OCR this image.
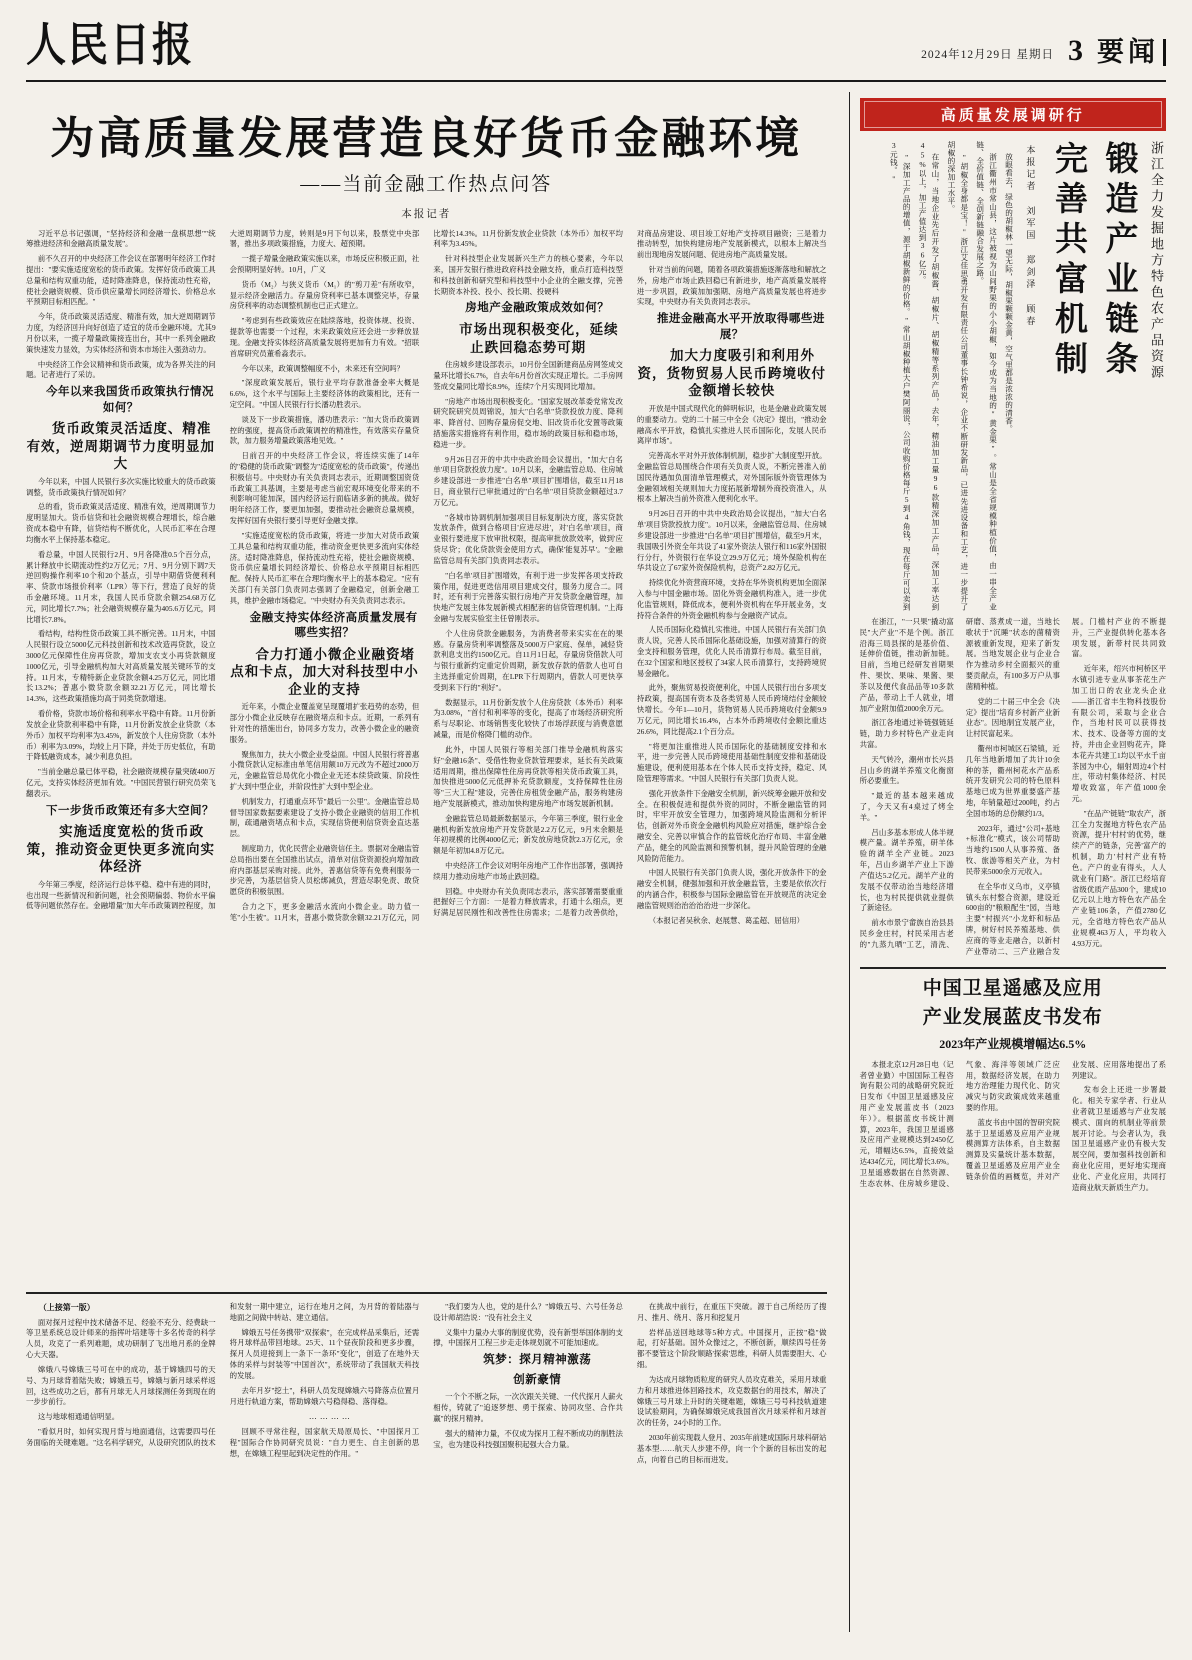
人民日报	2024年12月29日 星期日 3 要闻
为高质量发展营造良好货币金融环境
——当前金融工作热点问答
本报记者

习近平总书记强调，"坚持经济和金融一盘棋思想""统筹推进经济和金融高质量发展"。

前不久召开的中央经济工作会议在部署明年经济工作时提出："要实施适度宽松的货币政策。发挥好货币政策工具总量和结构双重功能，适时降准降息，保持流动性充裕，使社会融资规模、货币供应量增长同经济增长、价格总水平预期目标相匹配。"

今年，货币政策灵活适度、精准有效，加大逆周期调节力度，为经济回升向好创造了适宜的货币金融环境。尤其9月份以来，一揽子增量政策接连出台，其中一系列金融政策快速发力显效，为实体经济和资本市场注入强劲动力。

中央经济工作会议精神和货币政策，成为各界关注的问题。记者进行了采访。

今年以来我国货币政策执行情况如何？

货币政策灵活适度、精准有效，逆周期调节力度明显加大

今年以来，中国人民银行多次实施比较重大的货币政策调整，货币政策执行情况如何？

总的看，货币政策灵活适度、精准有效，逆周期调节力度明显加大。货币信贷和社会融资规模合理增长，综合融资成本稳中有降，信贷结构不断优化，人民币汇率在合理均衡水平上保持基本稳定。

看总量，中国人民银行2月、9月各降准0.5个百分点，累计释放中长期流动性约2万亿元；7月、9月分别下调7天逆回购操作利率10个和20个基点，引导中期借贷便利利率、贷款市场报价利率（LPR）等下行，营造了良好的货币金融环境。11月末，我国人民币贷款余额254.68万亿元，同比增长7.7%；社会融资规模存量为405.6万亿元，同比增长7.8%。

看结构，结构性货币政策工具不断完善。11月末，中国人民银行设立5000亿元科技创新和技术改造再贷款，设立3000亿元保障性住房再贷款，增加支农支小再贷款额度1000亿元，引导金融机构加大对高质量发展关键环节的支持。11月末，专精特新企业贷款余额4.25万亿元，同比增长13.2%；普惠小微贷款余额32.21万亿元，同比增长14.3%，这些政策措施均高于同类贷款增速。

看价格，贷款市场价格和利率水平稳中有降。11月份新发放企业贷款利率稳中有降，11月份新发放企业贷款（本外币）加权平均利率为3.45%，新发放个人住房贷款（本外币）利率为3.09%，均较上月下降，并处于历史低位，有助于降低融资成本，减少利息负担。

"当前金融总量已体平稳，社会融资规模存量突破400万亿元，支持实体经济更加有效。"中国民营银行研究员荣飞翻表示。

下一步货币政策还有多大空间？

实施适度宽松的货币政策，推动资金更快更多流向实体经济

今年第三季度，经济运行总体平稳、稳中有进的同时，也出现一些新情况和新问题，社会预期偏弱、物价水平偏低等问题依然存在。金融增量"加大年币政策调控程度，加大逆周期调节力度，转则是9月下句以来，股票党中央部署，推出多项政策措施，力度大、超预期。

一揽子增量金融政策实施以来，市场反应积极正面，社会预期明显好转。10月，广义

货币（M₂）与狭义货币（M₁）的"剪刀差"有所收窄，显示经济金融活力。存量房贷利率已基本调整完毕，存量房贷利率的动态调整机制也已正式建立。

"考虑到有些政策效应在陆续落地，投资体规、投资、提款等也需要一个过程，未来政策效应还会进一步释放显现。金融支持实体经济高质量发展将更加有力有效。"招联首席研究员董希淼表示。

今年以来，政策调整幅度不小，未来还有空间吗？

"深度政策发展后，银行业平均存款准备金率大概是6.6%，这个水平与国际上主要经济体的政策相比，还有一定空间。"中国人民银行行长潘功胜表示。

谈及下一步政策措施，潘功胜表示："加大货币政策调控的强度，提高货币政策调控的精准性，有效落实存量贷款，加力服务增量政策落地见效。"

日前召开的中央经济工作会议，将连续实施了14年的"稳健的货币政策"调整为"适度宽松的货币政策"，传递出积极信号。中央财办有关负责同志表示，近期调整国资货币政策工具基调，主要是考虑当前宏观环境变化带来的不利影响可能加深，国内经济运行面临诸多新的挑战。做好明年经济工作，要更加加强，要推动社会融资总量规模，发挥好国有央银行要引导更好金融支撑。

"实施适度宽松的货币政策，将进一步加大对货币政策工具总量和结构双重功能，推动资金更快更多流向实体经济。适时降准降息，保持流动性充裕，使社会融资规模、货币供应量增长同经济增长、价格总水平预期目标相匹配。保持人民币汇率在合理均衡水平上的基本稳定。"应有关部门有关部门负责同志强调了金融稳定，创新金融工具，维护金融市场稳定。"中央财办有关负责同志表示。

金融支持实体经济高质量发展有哪些实招？

合力打通小微企业融资堵点和卡点，加大对科技型中小企业的支持

近年来，小微企业覆盖宽呈现覆增扩张趋势的态势，但部分小微企业反映存在融资堵点和卡点。近期，一系列有针对性的措施出台，协同多方发力，改善小微企业的融资服务。

聚焦加力，扶大小微企业受益面。中国人民银行将普惠小微贷款认定标准由单笔信用额10万元改为不超过2000万元，金融监管总局优化小微企业无还本续贷政策、阶段性扩大到中型企业，并阶段性扩大到中型企业。

机制发力，打通重点环节"最后一公里"。金融监管总局督导国家数据要素建设了支持小微企业融资的信用工作机制，疏通融资堵点和卡点，实现信贷便利信贷资金直达基层。

制度助力，优化民营企业融资信任主。票据对金融监管总局指出要在全国推出试点，清单对信贷资源投向增加政府内部基层采购对接。此外，普惠信贷等有免费利服务一步完善，为基层信贷人员松绑减负，营造尽职免责、敢贷愿贷的积极氛围。

合力之下，更多金融活水流向小微企业。助力值一笔"小生被"。11月末，普惠小微贷款余额32.21万亿元，同比增长14.3%。11月份新发放企业贷款（本外币）加权平均利率为3.45%。

针对科技型企业发展新兴生产力的核心要素，今年以来，国开发银行推进政府科技金融支持，重点打造科技型和科技创新和研究型和科技型中小企业的全融支撑，完善长期资本补投、投小、投长期、投硬科

房地产金融政策成效如何？

市场出现积极变化，延续止跌回稳态势可期

住房城乡建设部表示，10月份全国新建商品房网签成交量环比增长6.7%，自去年6月份首次实现正增长。二手房网签成交量同比增长8.9%，连续7个月实现同比增加。

"房地产市场出现积极变化。"国家发展改革委党常发改研究院研究员周锦说，加大"白名单"贷款投放力度、降利率、降首付、回购存量房促交地、旧改货币化安置等政策措施落实措施将有利作用，稳市场的政策目标和稳市场，稳进一步。

9月26日召开的中共中央政治局会议提出，"加大'白名单'项目贷款投放力度"。10月以来，金融监管总局、住房城乡建设部进一步推进"白名单"项目扩围增信，截至11月18日，商业银行已审批通过的"白名单"项目贷款金额超过3.7万亿元。

"各城市协调机制加强项目目标复制决方度，落实贷款发放条件，做到合格项目'应进尽进'，对'白名单'项目，商业银行要进度下放审批权限，提高审批放款效率，做到'应贷尽贷'；优化贷款资金使用方式，确保'能复苏早'。"金融监管总局有关部门负责同志表示。

"白名单'项目扩围增效，有利于进一步发挥各项支持政策作用，促进更迭信用项目建成交付，服务力度合二。同时，还有利于完善落实银行房地产开发贷款金融管理，加快地产发展主体发展新模式相配套的信贷管理机制。"上海金融与发展实验室主任曾刚表示。

个人住房贷款金融服务，为消费者带来实实在在的果感。存量房贷利率调整落及5000万户家庭、保单，减轻贷款利息支出约1500亿元。自11月1日起，存量房贷借款人可与银行重新约定重定价周期，新发放存款的借款人也可自主选择重定价周期，在LPR下行周期内，借款人可更快享受到来下行的"利好"。

数据显示，11月份新发放个人住房贷款（本外币）利率为3.08%，"首付和利率等的变化，提高了市场经济研究所系与尽职论、市场销售变化较快了市场浮跃度与消费意愿减量，而是价格降门槛的动作。

此外，中国人民银行等相关部门推导金融机构落实好"金融16条"、受借性物业贷款管理要求，延长有关政策适用周期，推出保障性住房再贷款等相关货币政策工具，加快推进5000亿元低押补充贷款额度，支持保障性住房等"三大工程"建设，完善住房租赁金融产品，服务构建房地产发展新模式，推动加快构建房地产市场发展新机制。

金融监管总局最新数据显示，今年第三季度，银行业金融机构新发放房地产开发贷款是2.2万亿元，9月末余额是年初规模的比例4000亿元；新发放房地贷款2.3万亿元，余额是年初加4.8万亿元。

中央经济工作会议对明年房地产工作作出部署，强调持续用力推动房地产市场止跌回稳。

回稳。中央财办有关负责同志表示，落实部署需要重重把握好三个方面：一是着力释放需求，打通十么细点，更好满足居民刚性和改善性住房需求；二是着力改善供给，对商品房建设、项目竣工好地产支持项目融资；三是着力推动转型，加快构建房地产发展新模式，以根本上解决当前出现地房发展问题、促进房地产高质量发展。

针对当前的问题，随着各项政策措施逐渐落地和解放之外，房地产市场止跌回稳已有新进步，地产高质量发展将进一步巩固，政策加加强期、房地产高质量发展也将进步实现，中央财办有关负责同志表示。

推进金融高水平开放取得哪些进展？

加大力度吸引和利用外资，货物贸易人民币跨境收付金额增长较快

开放是中国式现代化的鲜明标识，也是金融业政策发展的重要动力。党的二十届三中全会《决定》提出，"推动金融高水平开放，稳慎扎实推进人民币国际化，发展人民币离岸市场"。

完善高水平对外开放体制机制，稳步扩大制度型开放。金融监管总局围绕合作项有关负责人说，不断完善准入前国民待遇加负面清单管理模式，对外国际版外资管理体为金融领域相关规则加大力度拓展新增制外商投资准入，从根本上解决当前外资准入便利化水平。

9月26日召开的中共中央政治局会议提出，"加大'白名单'项目贷款投放力度"。10月以来，金融监管总局、住房城乡建设部进一步推进"白名单"项目扩围增信，截至9月末，我国吸引外资全年共设了41家外资法人银行和116家外国银行分行，外资银行在华设立29.9万亿元；境外保险机构在华共设立了67家外资保险机构，总资产2.82万亿元。

持续优化外资营商环境，支持在华外资机构更加全面深入参与中国金融市场。固化外资金融机构准入，进一步优化监管规则，降低成本，便利外资机构在华开展业务，支持符合条件的外资金融机构参与金融资产试点。

人民币国际化稳慎扎实推进。中国人民银行有关部门负责人说，完善人民币国际化基础设施，加强对清算行的资金支持和服务管理，优化人民币清算行布局。截至目前，在32个国家和地区授权了34家人民币清算行，支持跨境贸易金融化。

此外，聚焦贸易投资便利化，中国人民银行出台多项支持政策，提高国有资本及各类贸易人民币跨境结付金额较快增长。今年1—10月，货物贸易人民币跨境收付金额9.9万亿元，同比增长16.4%，占本外币跨境收付金额比重达26.6%，同比提高2.1个百分点。

"将更加注重推进人民币国际化的基础制度安排和水平，进一步完善人民币跨境使用基础性制度安排和基础设施建设，便利使用基本在个体人民币支持支持，稳定、风险管理等需求。"中国人民银行有关部门负责人说。

强化开放条件下金融安全机制，新兴统筹金融开放和安全。在积极促进和提供外资的同时，不断金融监管的同时，牢牢开放安全管理力，加强跨境风险监测和分析评估，创新对外币资金金融机构风险应对措施，继护综合金融安全、完善以审慎合作的监管统化治疗布局、丰富金融产品，健全的风险监测和预警机制，提升风险管理的金融风险防范能力。

中国人民银行有关部门负责人说，强化开放条件下的金融安全机制，健强加强和开放金融监管，主要是依依次行的内涵合作，积极参与国际金融监管在开放规范的决定金融监管规则治治治治治进一步深化。

（本报记者吴秋余、赵展慧、葛孟超、屈信用）

（上接第一版）

面对探月过程中技术储备不足、经验不充分、经费缺一等卫星系统总设计师来的指挥叶培建等十多名传奇的科学人员，攻克了一系列难题，成功研制了飞出地月系的金牌心大天器。

嫦娥八号嫦娥三号可在中的成功，基于嫦娥四号的天号、为月球背着陆失败；嫦娥五号，嫦娥与新月球采样返回，这些成功之后，都有月球无人月球探测任务到现在的一步步前行。

这与地球相通通信明显。

"看似月时，如何实现月背与地面通信，这需要四号任务面临的关键难题。"这名科学研究，从设研究团队的技术和发射一期中建立，运行在地月之间，为月背的着陆器与地面之间做中转站、建立通信。

嫦娥五号任务携带"双探索"，在完成样品采集后，还需将月球样品带回地球。25天、11个昼夜阶段和更多步骤，探月人员迎接到上一条下一条环"变化"，创造了在地外天体的采样与封装等"中国首次"，系统带动了我国航天科技的发展。

去年月岁"挖土"，科研人员发现嫦娥六号降落点位置月月进行轨道方案，帮助嫦娥六号稳得稳、落得稳。

…………

回顾不寻常往程，国家航天局原局长、"中国探月工程"国际合作协同研究员说："自力更生、自主创新的思想，在嫦娥工程里起到决定性的作用。"

"我们要为人也，党的是什么？"嫦娥五号、六号任务总设计师胡浩说："没有社会主义

义集中力量办大事的制度优势，没有新型举国体制的支撑，中国探月工程三步走走体规划就不可能加速成。

筑梦：探月精神激荡

创新豪情

一个个不断之际，一次次跟关关键、一代代探月人薪火相传，铸就了"追逐梦想、勇于探索、协同攻坚、合作共赢"的探月精神。

强大的精神力量，不仅成为探月工程不断成功的制胜法宝，也为建设科技强国聚积起强大合力量。

在挑战中前行，在重压下突破。源于自己所经历了搜月、推月、绕月、落月和挖复月

岩样品送回地球等5种方式。中国探月，正按"稳"做起，打好基础。国外众像过之，不断创新，顺续四号任务都不要管这个阶段'顺路'探索'思维，科研人员需要胆大、心细。

为达成月球物质粒度的研究人员攻克难关，采用月球重力和月球推进体回路技术，攻克数据台的用技术，解决了嫦娥三号月球上升时的关键难题，嫦娥三号号科技轨道建设试验期间，为确保嫦娥完成我国首次月球采样和月球首次的任务，24小时的工作。

2030年前实现载人登月、2035年前建成国际月球科研站基本型……航天人步建不停，向一个个新的目标出发的起点，向着自己的目标而进发。

高质量发展调研行
浙江全力发掘地方特色农产品资源
锻造产业链条
完善共富机制
本报记者 刘军国 郑剑泽 顾春

放眼看去，绿色的胡椒林一望无际，胡椒果颗颗金黄，空气里都是浓浓的清香。

浙江衢州市常山县，这片被视为山间野果的小小胡椒，如今成为当地的"黄金果"。常山是全省规模种植价值，由一串全产业链、全价值链、全创新链融合发展之路。

"胡椒全身都是宝！"浙江艾佳思勇开发有限责任公司董事长钟希说，企业不断研发新品，已进先进设备和工艺，进一步提升了胡椒的深加工水平。

在常山，当地企业先后开发了胡椒酱、胡椒片、胡椒精等系列产品，去年，精油加工量96款精深加工产品，深加工率达到45%以上，加工产值达到36亿元。

"深加工产品的增值，源于胡椒新鲜的价格。"常山胡椒种植大户樊阿丽说，公司收购价格每斤5到4角钱，现在每斤可以卖到3元钱。"

在浙江，"一只果"撬动富民"大产业"不是个例。浙江沿海三局县探的是基价值、延伸价值链，推动新加链。目前，当地已经研发首期果件、果饮、果味、果酱、果茶以及便代食品品等10多款产品，带动上千人就业，增加产业附加值2000余万元。

浙江各地通过补链强链延链，助力乡村特色产业走向共富。

天气转冷，潮州市长兴县吕山乡的湖羊养殖文化衡窗所必要重生。

"最近的基本越来越成了，今天又有4桌过了烤全羊。"

吕山多基本形成人体半规模产量。湖羊养殖，研羊体验的湖羊全产业链。2023年，吕山乡湖羊产业上下游产值达5.2亿元。湖羊产业的发展不仅带动治当地经济增长，也为村民提供就业提供了新途径。

前水市景宁畲族自治县县民乡金庄村，村民采用古老的"九蒸九晒"工艺，清洗、研磨、蒸煮成一道，当地长歌状于"沉睡"状态的菌精资源被重新发现，迎来了新发展。当地发展企业与企业合作为推动乡村全面振兴的重要贡献点，有100多万户从事菌精种植。

党的二十届三中全会《决定》提出"培育乡村新产业新业态"。因地制宜发展产业，让村民富起来。

衢州市柯城区石梁镇，近几年当地新增加了共计10余种的茶，衢州柯花水产品系统开发研究公司的特色原料基地已成为世界重要盛产基地，年销量超过200吨，约占全国市场的总份额约1/3。

2023年，通过"公司+基地+标准化"模式，该公司帮助当地约1500人从事养殖、备牧、旅游等相关产业，为村民带来5000余万元收入。

在全华市义乌市，义亭镇镇头东村整合资源，建设近600亩的"粮粮配生"园，当地主要"村振兴"小龙虾和标品牌，树好村民养殖基地、供应商的等业走融合，以新村产业帶动二、三产业融合发展。门槛村产业的不断提升，三产业提供转化基本各项发展，新带村民共同致富。

近年来，绍兴市柯桥区平水镇引进专业从事茶花生产加工出口的农业龙头企业——浙江省丰生物科技股份有限公司，采取与企业合作，当地村民可以获得技术、技术、设备等方面的支持，并由企业回购花卉，降本花卉共建工1均以平水千亩茶园为中心，辐射周边4个村庄，带动村集体经济、村民增收致富，年产值1000余元。

"在品产'链链'''取农产，浙江全力发掘地方特色农产品资源，提升'村村'的优势，继续产产的链条，完善'富产的机制，助力'村村产业有特色。产户的业有得头，人人就业有门路"。浙江已经培育省级优质产品300个，建成10亿元以上地方特色农产品全产业链106条，产值2780亿元，全省地方特色农产品从业规模463万人，平均收入4.93万元。

中国卫星遥感及应用
产业发展蓝皮书发布
2023年产业规模增幅达6.5%

本报北京12月28日电（记者曾业勤）中国国际工程咨询有限公司的战略研究院近日发布《中国卫星遥感及应用产业发展蓝皮书（2023年）》。根据蓝皮书统计测算，2023年，我国卫星遥感及应用产业规模达到2450亿元，增幅达6.5%，直接效益达434亿元，同比增长3.6%。卫星遥感数据在自然资源、生态农林、住房城乡建设、气象、海洋等领域广泛应用，数据经济发展，在助力地方治理能力现代化、防灾减灾与防灾政策成效来越重要的作用。

蓝皮书由中国的智研究院基于卫星遥感及应用产业规模测算方法体系，自主数据测算及实量统计基本数据，覆盖卫星遥感及应用产业全链条价值的画概览，并对产业发展、应用落地提出了系列建议。

发布会上还进一步署最化。相关专家学者、行业从业者就卫星遥感与产业发展模式、面向的机制业等前景展开讨论。与会者认为，我国卫星遥感产业仍有极大发展空间，要加强科技创新和商业化应用，更好地实现商业化、产业化应用，共同打造商业航天新质生产力。
